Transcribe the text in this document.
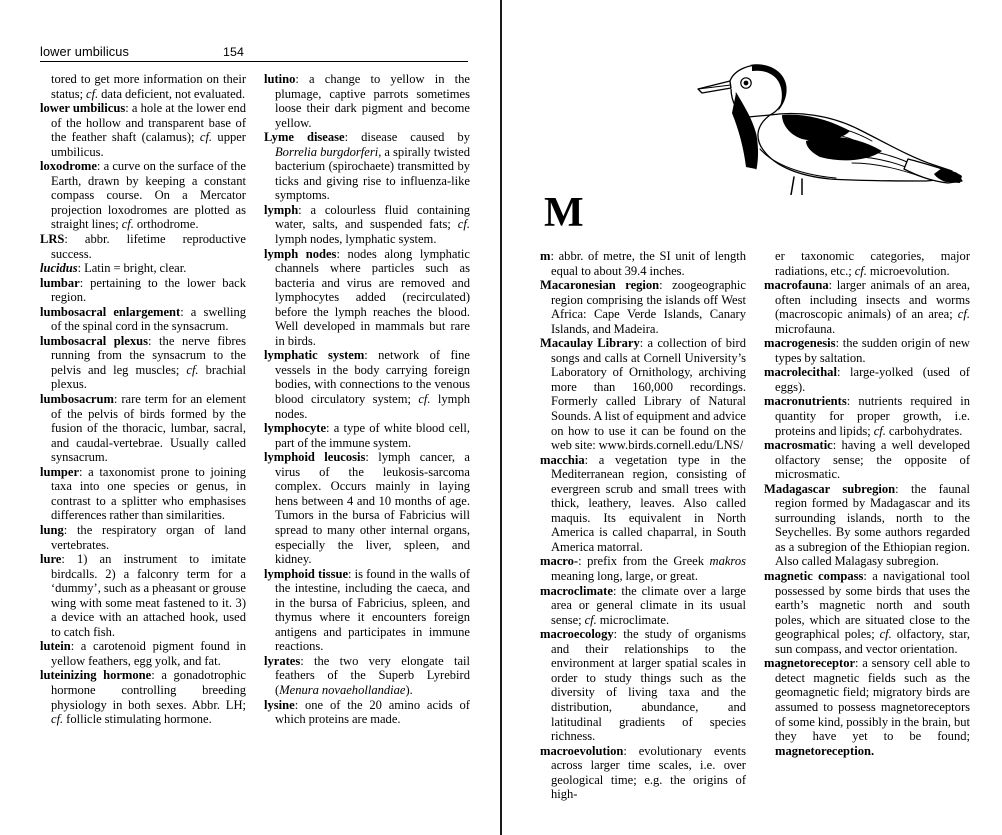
lower umbilicus	154

tored to get more information on their status; cf. data deficient, not evaluated.

lower umbilicus: a hole at the lower end of the hollow and transparent base of the feather shaft (calamus); cf. upper umbilicus.

loxodrome: a curve on the surface of the Earth, drawn by keeping a constant compass course. On a Mercator projection loxodromes are plotted as straight lines; cf. orthodrome.

LRS: abbr. lifetime reproductive success.

lucidus: Latin = bright, clear.

lumbar: pertaining to the lower back region.

lumbosacral enlargement: a swelling of the spinal cord in the synsacrum.

lumbosacral plexus: the nerve fibres running from the synsacrum to the pelvis and leg muscles; cf. brachial plexus.

lumbosacrum: rare term for an element of the pelvis of birds formed by the fusion of the thoracic, lumbar, sacral, and caudal-vertebrae. Usually called synsacrum.

lumper: a taxonomist prone to joining taxa into one species or genus, in contrast to a splitter who emphasises differences rather than similarities.

lung: the respiratory organ of land vertebrates.

lure: 1) an instrument to imitate birdcalls. 2) a falconry term for a ‘dummy’, such as a pheasant or grouse wing with some meat fastened to it. 3) a device with an attached hook, used to catch fish.

lutein: a carotenoid pigment found in yellow feathers, egg yolk, and fat.

luteinizing hormone: a gonadotrophic hormone controlling breeding physiology in both sexes. Abbr. LH; cf. follicle stimulating hormone.

lutino: a change to yellow in the plumage, captive parrots sometimes loose their dark pigment and become yellow.

Lyme disease: disease caused by Borrelia burgdorferi, a spirally twisted bacterium (spirochaete) transmitted by ticks and giving rise to influenza-like symptoms.

lymph: a colourless fluid containing water, salts, and suspended fats; cf. lymph nodes, lymphatic system.

lymph nodes: nodes along lymphatic channels where particles such as bacteria and virus are removed and lymphocytes added (recirculated) before the lymph reaches the blood. Well developed in mammals but rare in birds.

lymphatic system: network of fine vessels in the body carrying foreign bodies, with connections to the venous blood circulatory system; cf. lymph nodes.

lymphocyte: a type of white blood cell, part of the immune system.

lymphoid leucosis: lymph cancer, a virus of the leukosis-sarcoma complex. Occurs mainly in laying hens between 4 and 10 months of age. Tumors in the bursa of Fabricius will spread to many other internal organs, especially the liver, spleen, and kidney.

lymphoid tissue: is found in the walls of the intestine, including the caeca, and in the bursa of Fabricius, spleen, and thymus where it encounters foreign antigens and participates in immune reactions.

lyrates: the two very elongate tail feathers of the Superb Lyrebird (Menura novaehollandiae).

lysine: one of the 20 amino acids of which proteins are made.

M

m: abbr. of metre, the SI unit of length equal to about 39.4 inches.

Macaronesian region: zoogeographic region comprising the islands off West Africa: Cape Verde Islands, Canary Islands, and Madeira.

Macaulay Library: a collection of bird songs and calls at Cornell University’s Laboratory of Ornithology, archiving more than 160,000 recordings. Formerly called Library of Natural Sounds. A list of equipment and advice on how to use it can be found on the web site: www.birds.cornell.edu/LNS/

macchia: a vegetation type in the Mediterranean region, consisting of evergreen scrub and small trees with thick, leathery, leaves. Also called maquis. Its equivalent in North America is called chaparral, in South America matorral.

macro-: prefix from the Greek makros meaning long, large, or great.

macroclimate: the climate over a large area or general climate in its usual sense; cf. microclimate.

macroecology: the study of organisms and their relationships to the environment at larger spatial scales in order to study things such as the diversity of living taxa and the distribution, abundance, and latitudinal gradients of species richness.

macroevolution: evolutionary events across larger time scales, i.e. over geological time; e.g. the origins of high-

er taxonomic categories, major radiations, etc.; cf. microevolution.

macrofauna: larger animals of an area, often including insects and worms (macroscopic animals) of an area; cf. microfauna.

macrogenesis: the sudden origin of new types by saltation.

macrolecithal: large-yolked (used of eggs).

macronutrients: nutrients required in quantity for proper growth, i.e. proteins and lipids; cf. carbohydrates.

macrosmatic: having a well developed olfactory sense; the opposite of microsmatic.

Madagascar subregion: the faunal region formed by Madagascar and its surrounding islands, north to the Seychelles. By some authors regarded as a subregion of the Ethiopian region. Also called Malagasy subregion.

magnetic compass: a navigational tool possessed by some birds that uses the earth’s magnetic north and south poles, which are situated close to the geographical poles; cf. olfactory, star, sun compass, and vector orientation.

magnetoreceptor: a sensory cell able to detect magnetic fields such as the geomagnetic field; migratory birds are assumed to possess magnetoreceptors of some kind, possibly in the brain, but they have yet to be found; magnetoreception.
